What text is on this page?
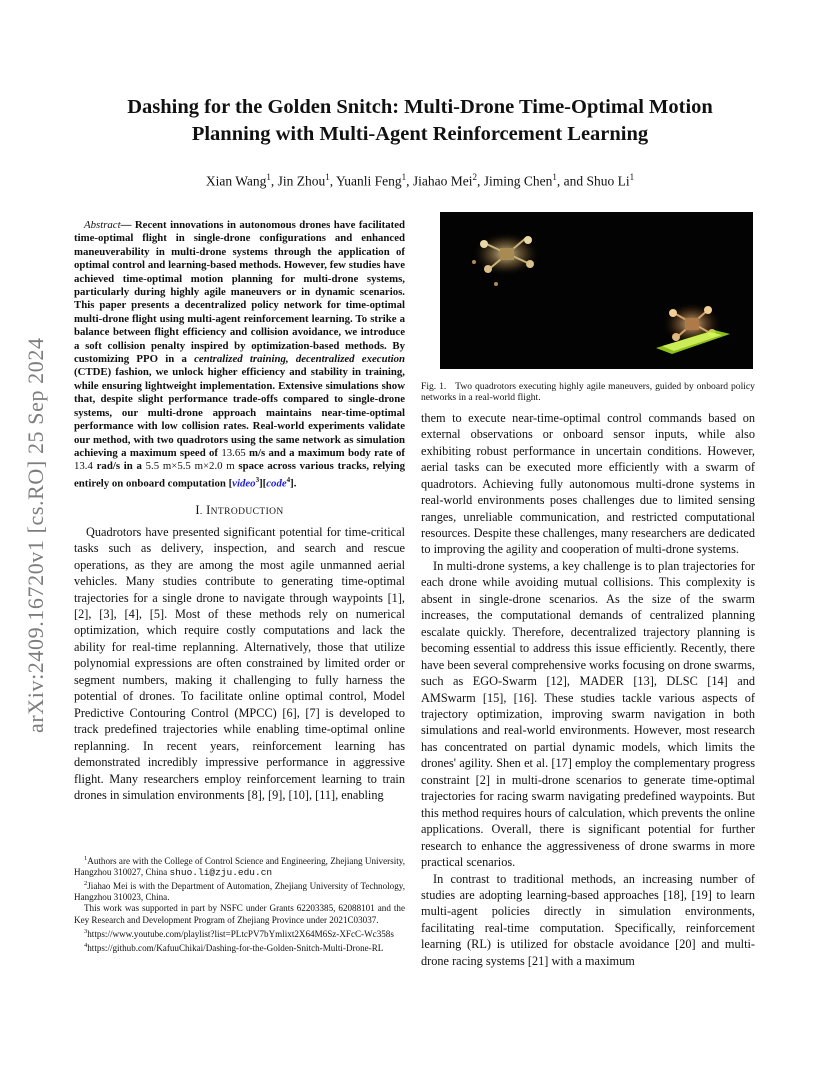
arXiv:2409.16720v1 [cs.RO] 25 Sep 2024
Dashing for the Golden Snitch: Multi-Drone Time-Optimal Motion
Planning with Multi-Agent Reinforcement Learning
Xian Wang$^1$, Jin Zhou$^1$, Yuanli Feng$^1$, Jiahao Mei$^2$, Jiming Chen$^1$, and Shuo Li$^1$

Abstract— Recent innovations in autonomous drones have facilitated time-optimal flight in single-drone configurations and enhanced maneuverability in multi-drone systems through the application of optimal control and learning-based methods. However, few studies have achieved time-optimal motion planning for multi-drone systems, particularly during highly agile maneuvers or in dynamic scenarios. This paper presents a decentralized policy network for time-optimal multi-drone flight using multi-agent reinforcement learning. To strike a balance between flight efficiency and collision avoidance, we introduce a soft collision penalty inspired by optimization-based methods. By customizing PPO in a centralized training, decentralized execution (CTDE) fashion, we unlock higher efficiency and stability in training, while ensuring lightweight implementation. Extensive simulations show that, despite slight performance trade-offs compared to single-drone systems, our multi-drone approach maintains near-time-optimal performance with low collision rates. Real-world experiments validate our method, with two quadrotors using the same network as simulation achieving a maximum speed of 13.65 m/s and a maximum body rate of 13.4 rad/s in a 5.5 m×5.5 m×2.0 m space across various tracks, relying entirely on onboard computation [video$^3$][code$^4$].

I. INTRODUCTION

Quadrotors have presented significant potential for time-critical tasks such as delivery, inspection, and search and rescue operations, as they are among the most agile unmanned aerial vehicles. Many studies contribute to generating time-optimal trajectories for a single drone to navigate through waypoints [1], [2], [3], [4], [5]. Most of these methods rely on numerical optimization, which require costly computations and lack the ability for real-time replanning. Alternatively, those that utilize polynomial expressions are often constrained by limited order or segment numbers, making it challenging to fully harness the potential of drones. To facilitate online optimal control, Model Predictive Contouring Control (MPCC) [6], [7] is developed to track predefined trajectories while enabling time-optimal online replanning. In recent years, reinforcement learning has demonstrated incredibly impressive performance in aggressive flight. Many researchers employ reinforcement learning to train drones in simulation environments [8], [9], [10], [11], enabling

$^1$Authors are with the College of Control Science and Engineering, Zhejiang University, Hangzhou 310027, China shuo.li@zju.edu.cn

$^2$Jiahao Mei is with the Department of Automation, Zhejiang University of Technology, Hangzhou 310023, China.

This work was supported in part by NSFC under Grants 62203385, 62088101 and the Key Research and Development Program of Zhejiang Province under 2021C03037.

$^3$https://www.youtube.com/playlist?list=PLtcPV7bYmlixt2X64M6Sz-XFcC-Wc358s

$^4$https://github.com/KafuuChikai/Dashing-for-the-Golden-Snitch-Multi-Drone-RL

Fig. 1. Two quadrotors executing highly agile maneuvers, guided by onboard policy networks in a real-world flight.

them to execute near-time-optimal control commands based on external observations or onboard sensor inputs, while also exhibiting robust performance in uncertain conditions. However, aerial tasks can be executed more efficiently with a swarm of quadrotors. Achieving fully autonomous multi-drone systems in real-world environments poses challenges due to limited sensing ranges, unreliable communication, and restricted computational resources. Despite these challenges, many researchers are dedicated to improving the agility and cooperation of multi-drone systems.

In multi-drone systems, a key challenge is to plan trajectories for each drone while avoiding mutual collisions. This complexity is absent in single-drone scenarios. As the size of the swarm increases, the computational demands of centralized planning escalate quickly. Therefore, decentralized trajectory planning is becoming essential to address this issue efficiently. Recently, there have been several comprehensive works focusing on drone swarms, such as EGO-Swarm [12], MADER [13], DLSC [14] and AMSwarm [15], [16]. These studies tackle various aspects of trajectory optimization, improving swarm navigation in both simulations and real-world environments. However, most research has concentrated on partial dynamic models, which limits the drones' agility. Shen et al. [17] employ the complementary progress constraint [2] in multi-drone scenarios to generate time-optimal trajectories for racing swarm navigating predefined waypoints. But this method requires hours of calculation, which prevents the online applications. Overall, there is significant potential for further research to enhance the aggressiveness of drone swarms in more practical scenarios.

In contrast to traditional methods, an increasing number of studies are adopting learning-based approaches [18], [19] to learn multi-agent policies directly in simulation environments, facilitating real-time computation. Specifically, reinforcement learning (RL) is utilized for obstacle avoidance [20] and multi-drone racing systems [21] with a maximum
